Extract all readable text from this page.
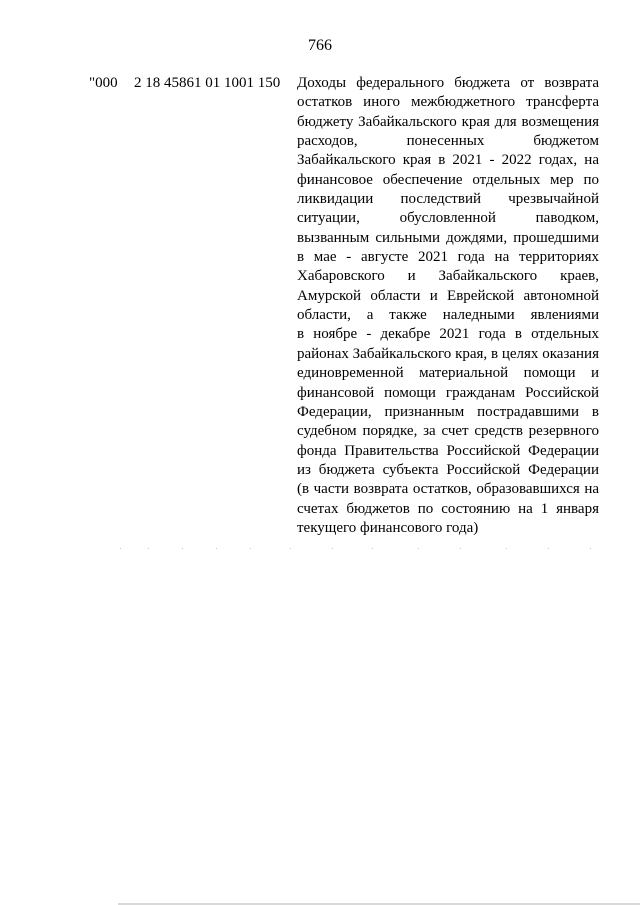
766
"000 2 18 45861 01 1001 150 Доходы федерального бюджета от возврата
остатков иного межбюджетного трансферта
бюджету Забайкальского края для возмещения
расходов, понесенных бюджетом
Забайкальского края в 2021 - 2022 годах, на
финансовое обеспечение отдельных мер по
ликвидации последствий чрезвычайной
ситуации, обусловленной паводком,
вызванным сильными дождями, прошедшими
в мае - августе 2021 года на территориях
Хабаровского и Забайкальского краев,
Амурской области и Еврейской автономной
области, а также наледными явлениями
в ноябре - декабре 2021 года в отдельных
районах Забайкальского края, в целях оказания
единовременной материальной помощи и
финансовой помощи гражданам Российской
Федерации, признанным пострадавшими в
судебном порядке, за счет средств резервного
фонда Правительства Российской Федерации
из бюджета субъекта Российской Федерации
(в части возврата остатков, образовавшихся на
счетах бюджетов по состоянию на 1 января
текущего финансового года)
